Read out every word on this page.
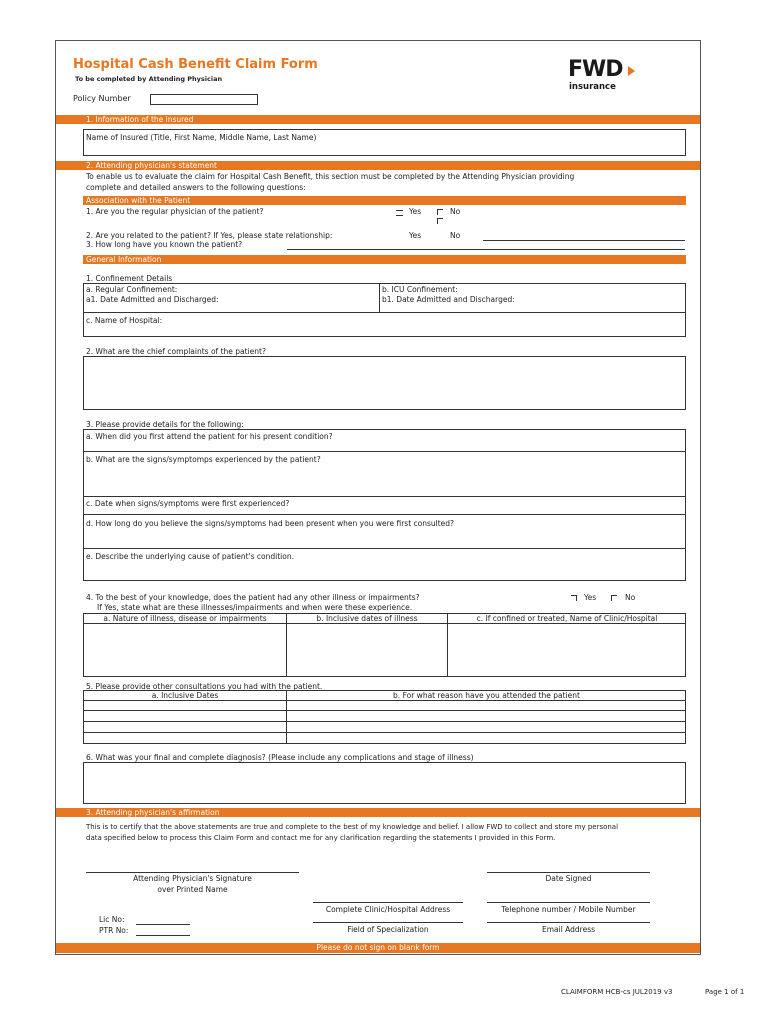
Hospital Cash Benefit Claim Form
To be completed by Attending Physician
Policy Number
FWD
insurance
1. Information of the insured
Name of Insured (Title, First Name, Middle Name, Last Name)
2. Attending physician's statement
To enable us to evaluate the claim for Hospital Cash Benefit, this section must be completed by the Attending Physician providing
complete and detailed answers to the following questions:
Association with the Patient
1. Are you the regular physician of the patient?	Yes	No
2. Are you related to the patient? If Yes, please state relationship:	Yes	No
3. How long have you known the patient?
General Information
1. Confinement Details
a. Regular Confinement:	b. ICU Confinement:
a1. Date Admitted and Discharged:	b1. Date Admitted and Discharged:
c. Name of Hospital:
2. What are the chief complaints of the patient?
3. Please provide details for the following:
a. When did you first attend the patient for his present condition?
b. What are the signs/symptomps experienced by the patient?
c. Date when signs/symptoms were first experienced?
d. How long do you believe the signs/symptoms had been present when you were first consulted?
e. Describe the underlying cause of patient's condition.
4. To the best of your knowledge, does the patient had any other illness or impairments?	Yes	No
If Yes, state what are these illnesses/impairments and when were these experience.
a. Nature of illness, disease or impairments	b. Inclusive dates of illness	c. If confined or treated, Name of Clinic/Hospital
5. Please provide other consultations you had with the patient.
a. Inclusive Dates	b. For what reason have you attended the patient
6. What was your final and complete diagnosis? (Please include any complications and stage of illness)
3. Attending physician's affirmation
This is to certify that the above statements are true and complete to the best of my knowledge and belief. I allow FWD to collect and store my personal
data specified below to process this Claim Form and contact me for any clarification regarding the statements I provided in this Form.
Attending Physician's Signature
over Printed Name
Date Signed
Complete Clinic/Hospital Address	Telephone number / Mobile Number
Lic No:
PTR No:	Field of Specialization	Email Address
Please do not sign on blank form
CLAIMFORM HCB-cs JUL2019 v3	Page 1 of 1
